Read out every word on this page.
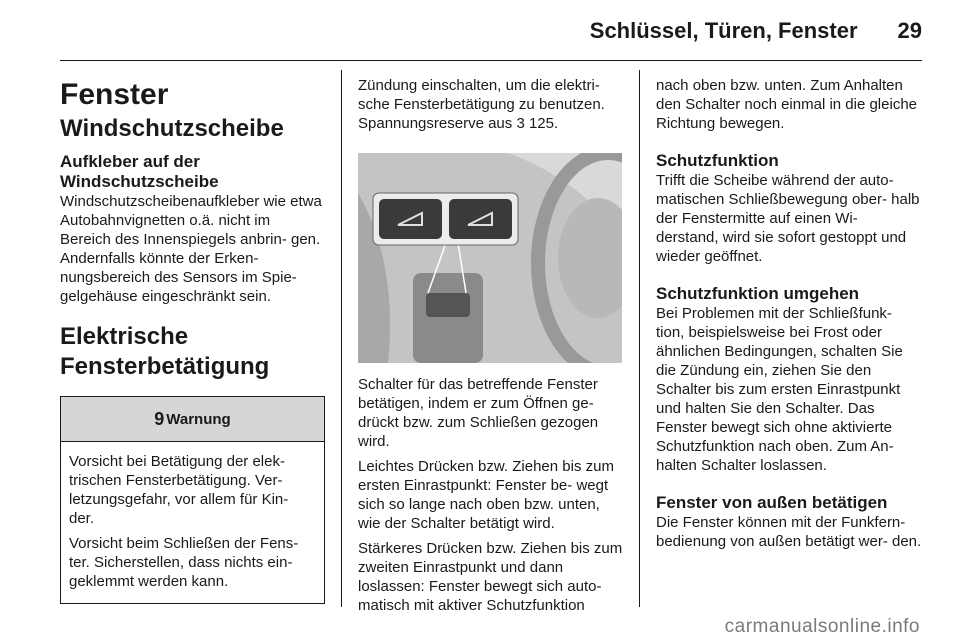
Schlüssel, Türen, Fenster 29
Fenster
Windschutzscheibe
Aufkleber auf der
Windschutzscheibe

Windschutzscheibenaufkleber wie etwa Autobahnvignetten o.ä. nicht im Bereich des Innenspiegels anbrin- gen. Andernfalls könnte der Erken- nungsbereich des Sensors im Spie- gelgehäuse eingeschränkt sein.

Elektrische
Fensterbetätigung
9 Warnung

Vorsicht bei Betätigung der elek- trischen Fensterbetätigung. Ver- letzungsgefahr, vor allem für Kin- der.

Vorsicht beim Schließen der Fens- ter. Sicherstellen, dass nichts ein- geklemmt werden kann.

Zündung einschalten, um die elektri- sche Fensterbetätigung zu benutzen. Spannungsreserve aus 3 125.

Schalter für das betreffende Fenster betätigen, indem er zum Öffnen ge- drückt bzw. zum Schließen gezogen wird.

Leichtes Drücken bzw. Ziehen bis zum ersten Einrastpunkt: Fenster be- wegt sich so lange nach oben bzw. unten, wie der Schalter betätigt wird.

Stärkeres Drücken bzw. Ziehen bis zum zweiten Einrastpunkt und dann loslassen: Fenster bewegt sich auto- matisch mit aktiver Schutzfunktion

nach oben bzw. unten. Zum Anhalten den Schalter noch einmal in die gleiche Richtung bewegen.

Schutzfunktion

Trifft die Scheibe während der auto- matischen Schließbewegung ober- halb der Fenstermitte auf einen Wi- derstand, wird sie sofort gestoppt und wieder geöffnet.

Schutzfunktion umgehen

Bei Problemen mit der Schließfunk- tion, beispielsweise bei Frost oder ähnlichen Bedingungen, schalten Sie die Zündung ein, ziehen Sie den Schalter bis zum ersten Einrastpunkt und halten Sie den Schalter. Das Fenster bewegt sich ohne aktivierte Schutzfunktion nach oben. Zum An- halten Schalter loslassen.

Fenster von außen betätigen

Die Fenster können mit der Funkfern- bedienung von außen betätigt wer- den.

carmanualsonline.info
